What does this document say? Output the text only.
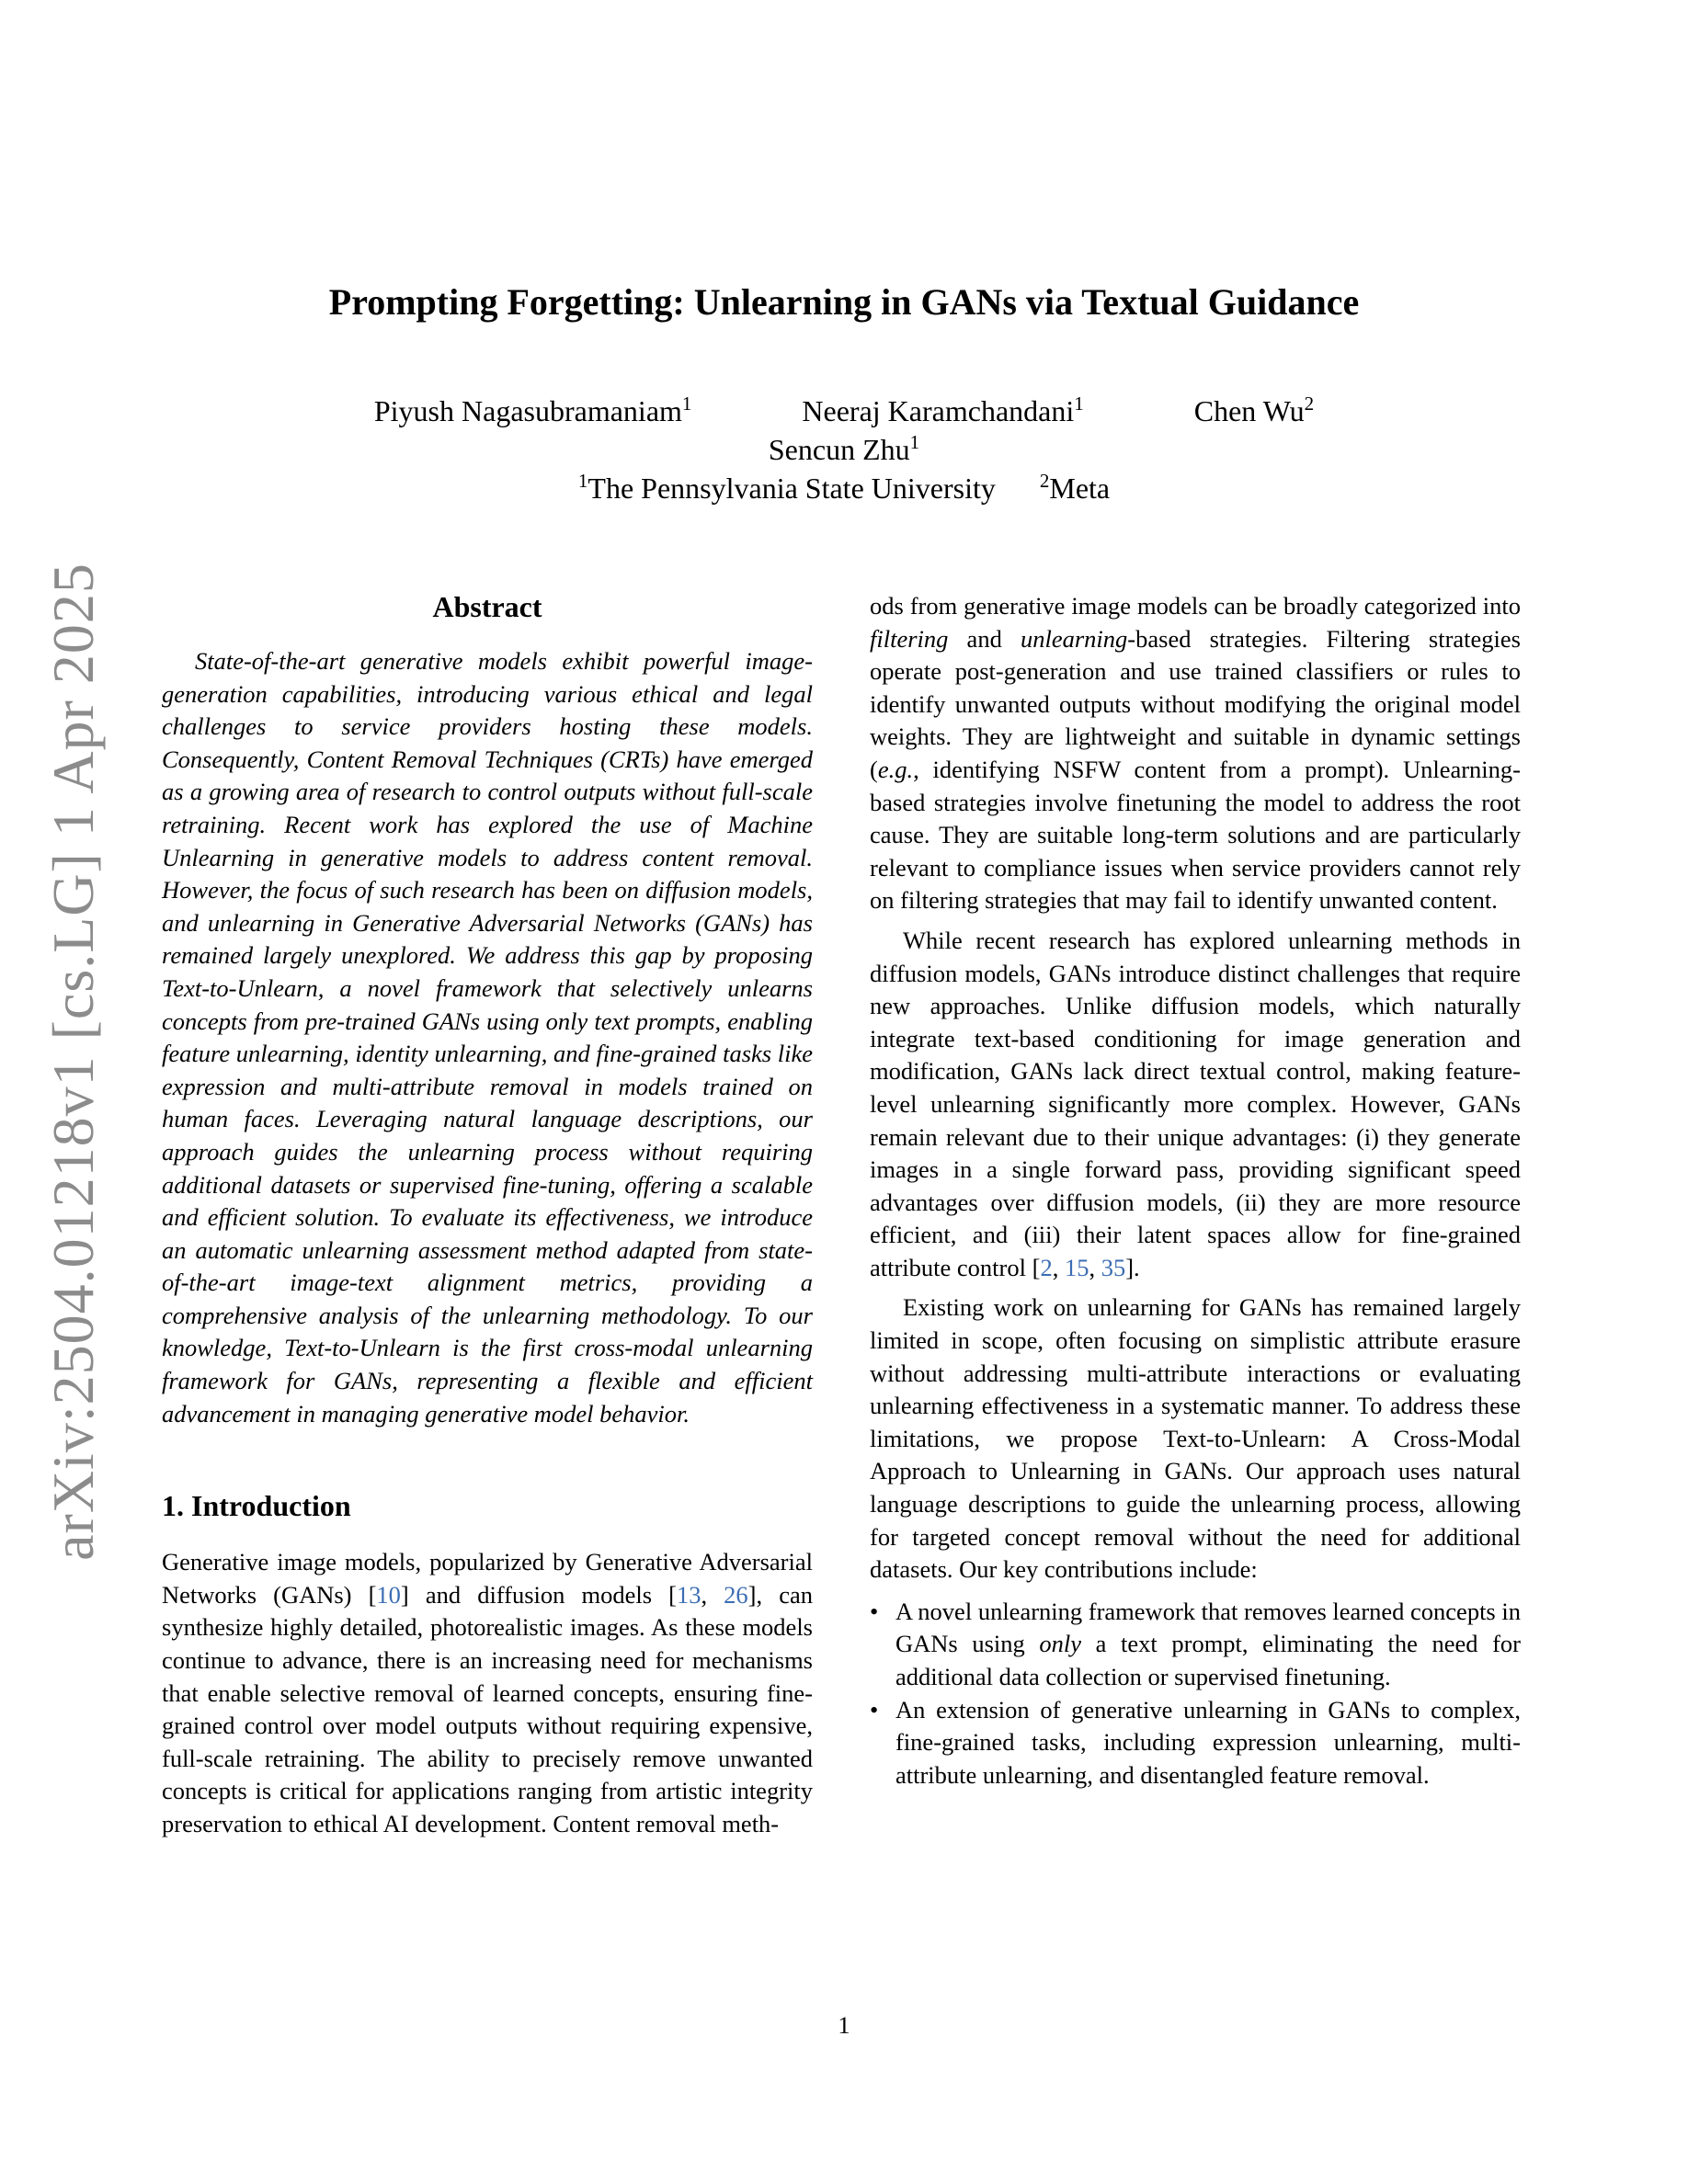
arXiv:2504.01218v1 [cs.LG] 1 Apr 2025
Prompting Forgetting: Unlearning in GANs via Textual Guidance
Piyush Nagasubramaniam$^1$	Neeraj Karamchandani$^1$	Chen Wu$^2$
Sencun Zhu$^1$
$^1$The Pennsylvania State University $^2$Meta
Abstract

State-of-the-art generative models exhibit powerful image-generation capabilities, introducing various ethical and legal challenges to service providers hosting these models. Consequently, Content Removal Techniques (CRTs) have emerged as a growing area of research to control outputs without full-scale retraining. Recent work has explored the use of Machine Unlearning in generative models to address content removal. However, the focus of such research has been on diffusion models, and unlearning in Generative Adversarial Networks (GANs) has remained largely unexplored. We address this gap by proposing Text-to-Unlearn, a novel framework that selectively unlearns concepts from pre-trained GANs using only text prompts, enabling feature unlearning, identity unlearning, and fine-grained tasks like expression and multi-attribute removal in models trained on human faces. Leveraging natural language descriptions, our approach guides the unlearning process without requiring additional datasets or supervised fine-tuning, offering a scalable and efficient solution. To evaluate its effectiveness, we introduce an automatic unlearning assessment method adapted from state-of-the-art image-text alignment metrics, providing a comprehensive analysis of the unlearning methodology. To our knowledge, Text-to-Unlearn is the first cross-modal unlearning framework for GANs, representing a flexible and efficient advancement in managing generative model behavior.

1. Introduction

Generative image models, popularized by Generative Adversarial Networks (GANs) [10] and diffusion models [13, 26], can synthesize highly detailed, photorealistic images. As these models continue to advance, there is an increasing need for mechanisms that enable selective removal of learned concepts, ensuring fine-grained control over model outputs without requiring expensive, full-scale retraining. The ability to precisely remove unwanted concepts is critical for applications ranging from artistic integrity preservation to ethical AI development. Content removal meth-

ods from generative image models can be broadly categorized into filtering and unlearning-based strategies. Filtering strategies operate post-generation and use trained classifiers or rules to identify unwanted outputs without modifying the original model weights. They are lightweight and suitable in dynamic settings (e.g., identifying NSFW content from a prompt). Unlearning-based strategies involve finetuning the model to address the root cause. They are suitable long-term solutions and are particularly relevant to compliance issues when service providers cannot rely on filtering strategies that may fail to identify unwanted content.

While recent research has explored unlearning methods in diffusion models, GANs introduce distinct challenges that require new approaches. Unlike diffusion models, which naturally integrate text-based conditioning for image generation and modification, GANs lack direct textual control, making feature-level unlearning significantly more complex. However, GANs remain relevant due to their unique advantages: (i) they generate images in a single forward pass, providing significant speed advantages over diffusion models, (ii) they are more resource efficient, and (iii) their latent spaces allow for fine-grained attribute control [2, 15, 35].

Existing work on unlearning for GANs has remained largely limited in scope, often focusing on simplistic attribute erasure without addressing multi-attribute interactions or evaluating unlearning effectiveness in a systematic manner. To address these limitations, we propose Text-to-Unlearn: A Cross-Modal Approach to Unlearning in GANs. Our approach uses natural language descriptions to guide the unlearning process, allowing for targeted concept removal without the need for additional datasets. Our key contributions include:

• A novel unlearning framework that removes learned concepts in GANs using only a text prompt, eliminating the need for additional data collection or supervised finetuning.
• An extension of generative unlearning in GANs to complex, fine-grained tasks, including expression unlearning, multi-attribute unlearning, and disentangled feature removal.
1
